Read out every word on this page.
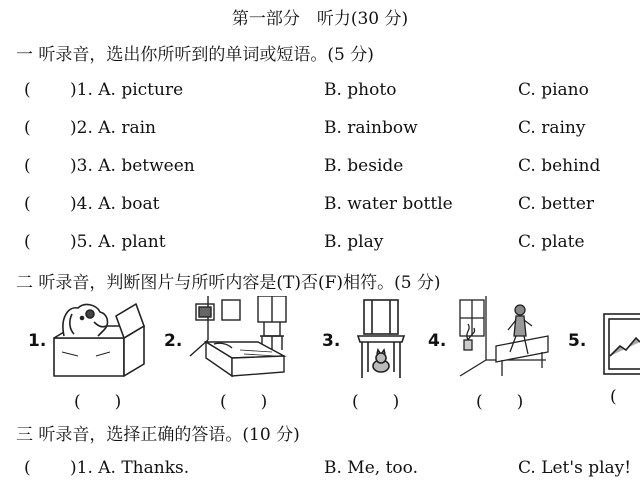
第一部分　听力(30 分)
一 听录音，选出你所听到的单词或短语。(5 分)
( )1. A. picture	B. photo	C. piano
( )2. A. rain	B. rainbow	C. rainy
( )3. A. between	B. beside	C. behind
( )4. A. boat	B. water bottle	C. better
( )5. A. plant	B. play	C. plate
二 听录音，判断图片与所听内容是(T)否(F)相符。(5 分)
1.
(　　)
2.
(　　)
3.
(　　)
4.
(　　)
5.
(
三 听录音，选择正确的答语。(10 分)
( )1. A. Thanks.	B. Me, too.	C. Let's play!
